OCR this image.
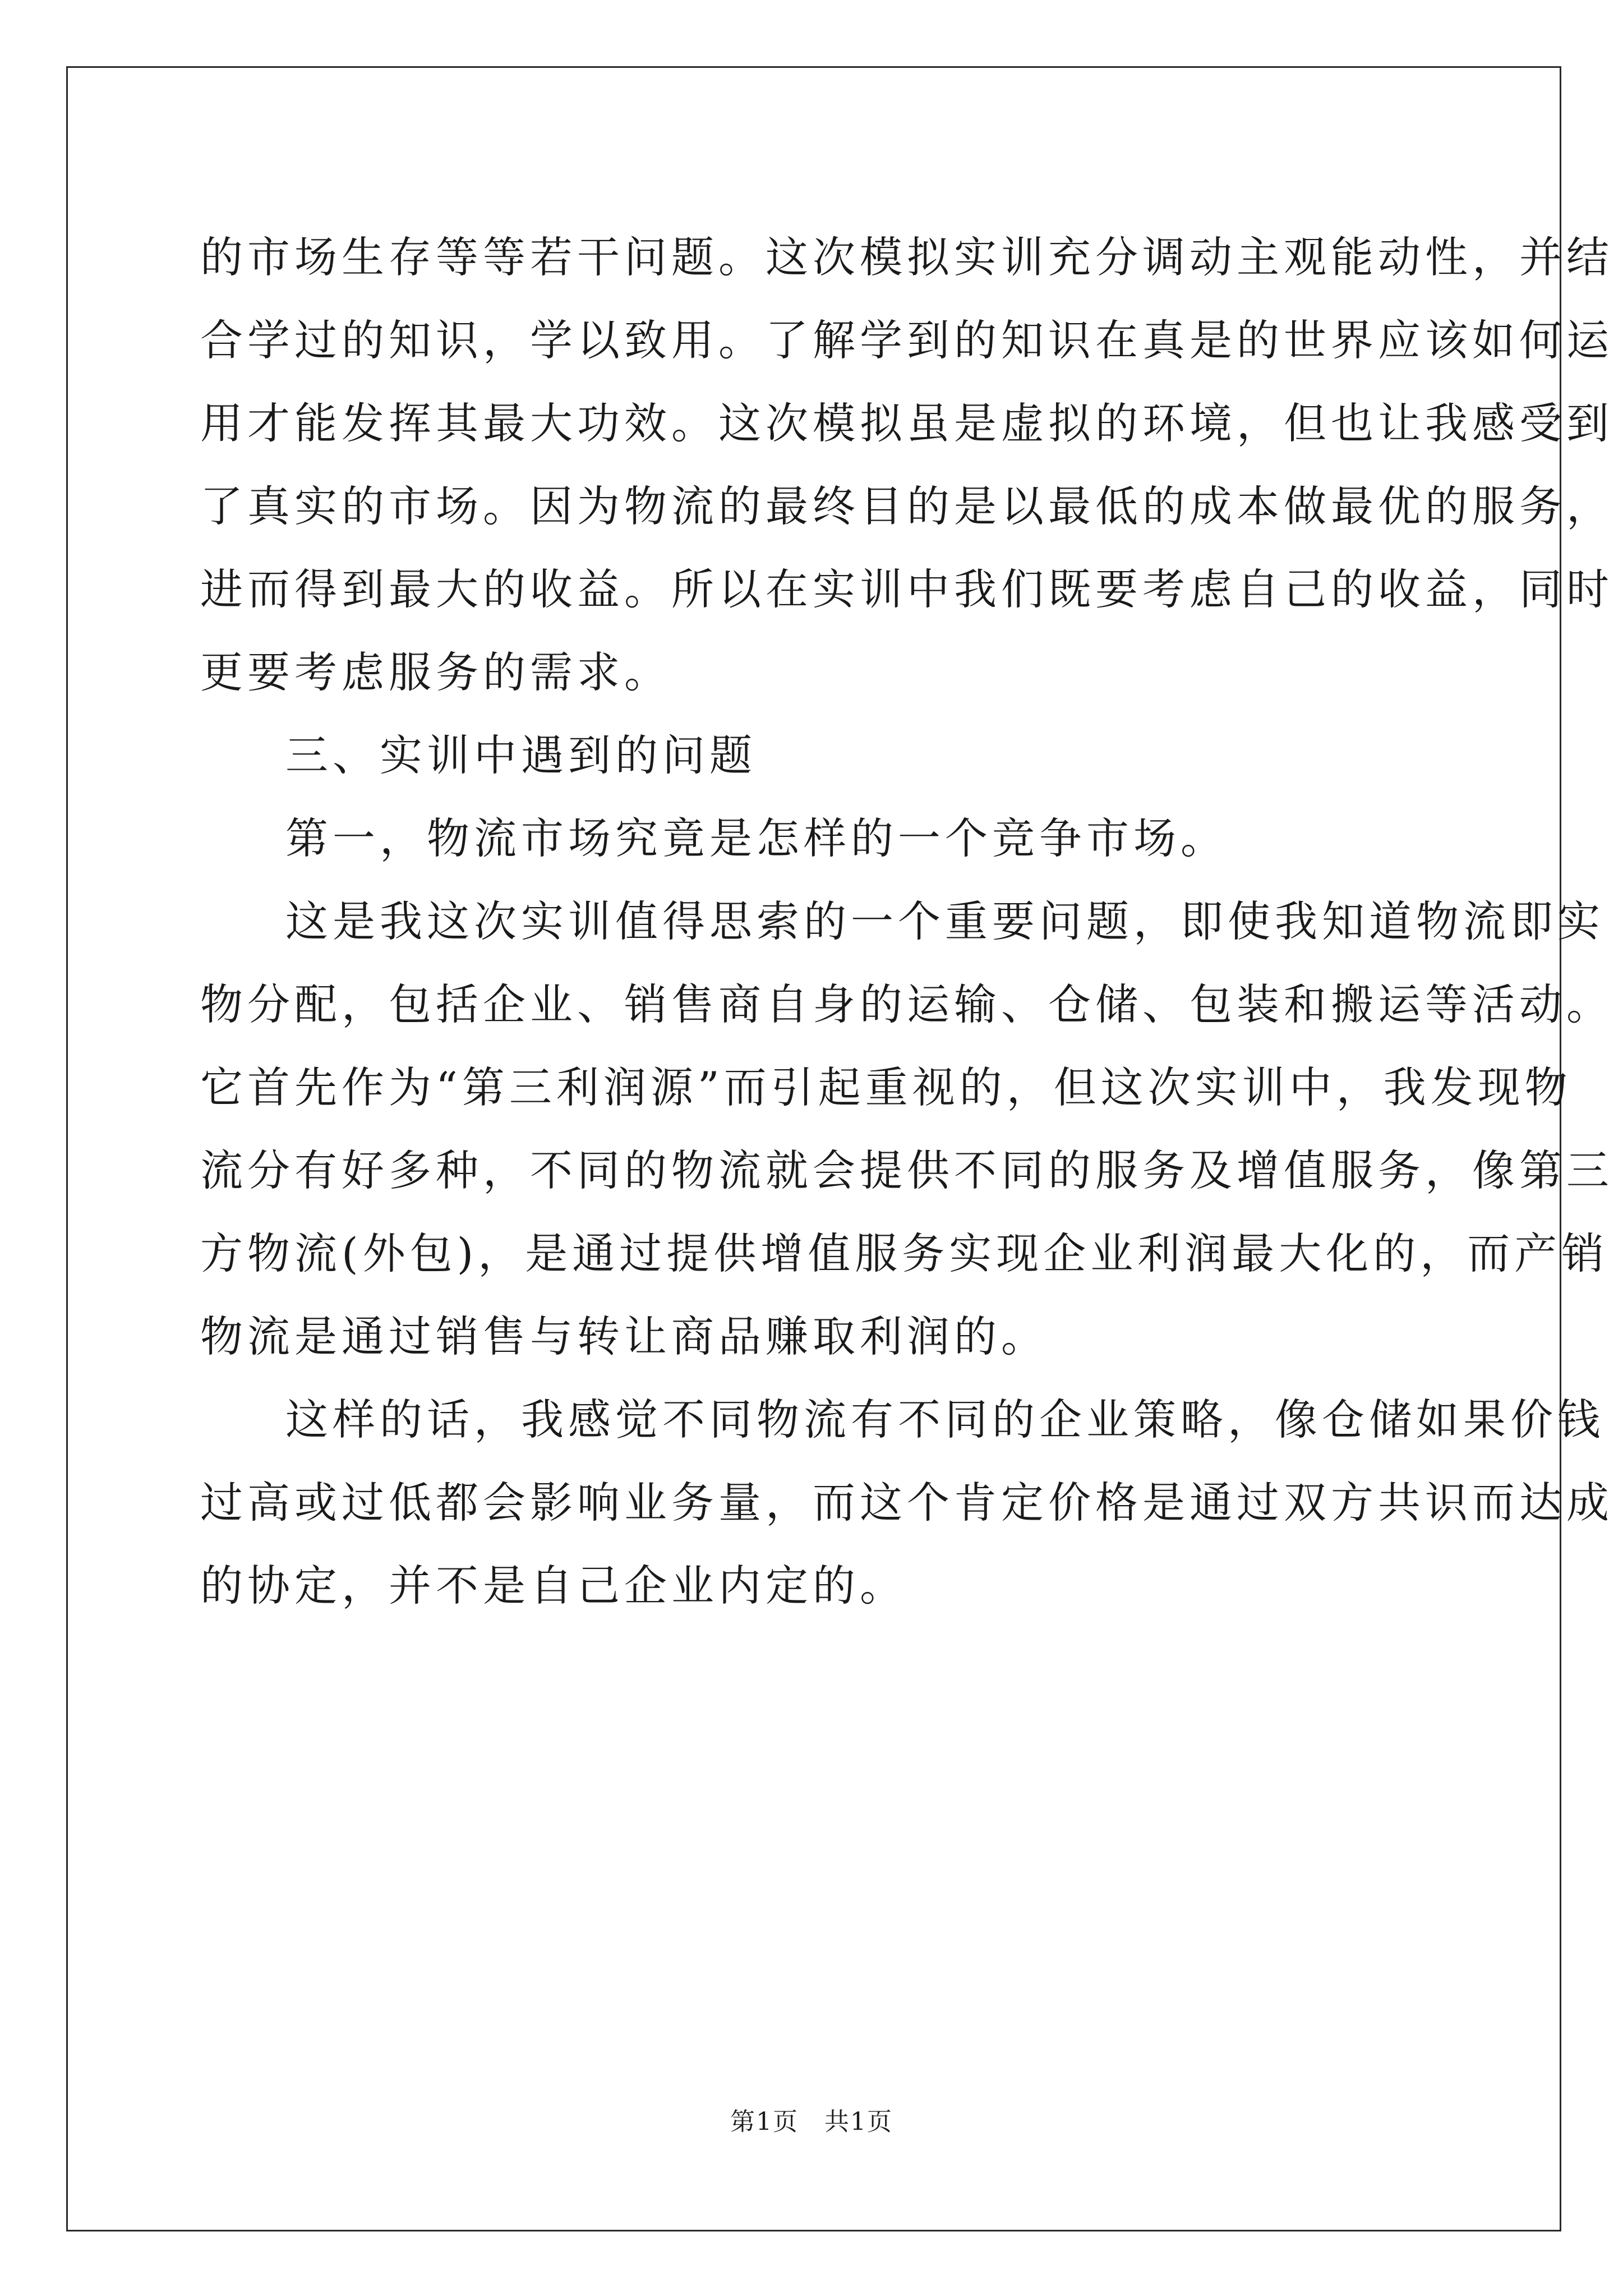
的市场生存等等若干问题。这次模拟实训充分调动主观能动性，并结
合学过的知识，学以致用。了解学到的知识在真是的世界应该如何运
用才能发挥其最大功效。这次模拟虽是虚拟的环境，但也让我感受到
了真实的市场。因为物流的最终目的是以最低的成本做最优的服务，
进而得到最大的收益。所以在实训中我们既要考虑自己的收益，同时
更要考虑服务的需求。
三、实训中遇到的问题
第一，物流市场究竟是怎样的一个竞争市场。
这是我这次实训值得思索的一个重要问题，即使我知道物流即实
物分配，包括企业、销售商自身的运输、仓储、包装和搬运等活动。
它首先作为“第三利润源”而引起重视的，但这次实训中，我发现物
流分有好多种，不同的物流就会提供不同的服务及增值服务，像第三
方物流(外包)，是通过提供增值服务实现企业利润最大化的，而产销
物流是通过销售与转让商品赚取利润的。
这样的话，我感觉不同物流有不同的企业策略，像仓储如果价钱
过高或过低都会影响业务量，而这个肯定价格是通过双方共识而达成
的协定，并不是自己企业内定的。
第1页　共1页
